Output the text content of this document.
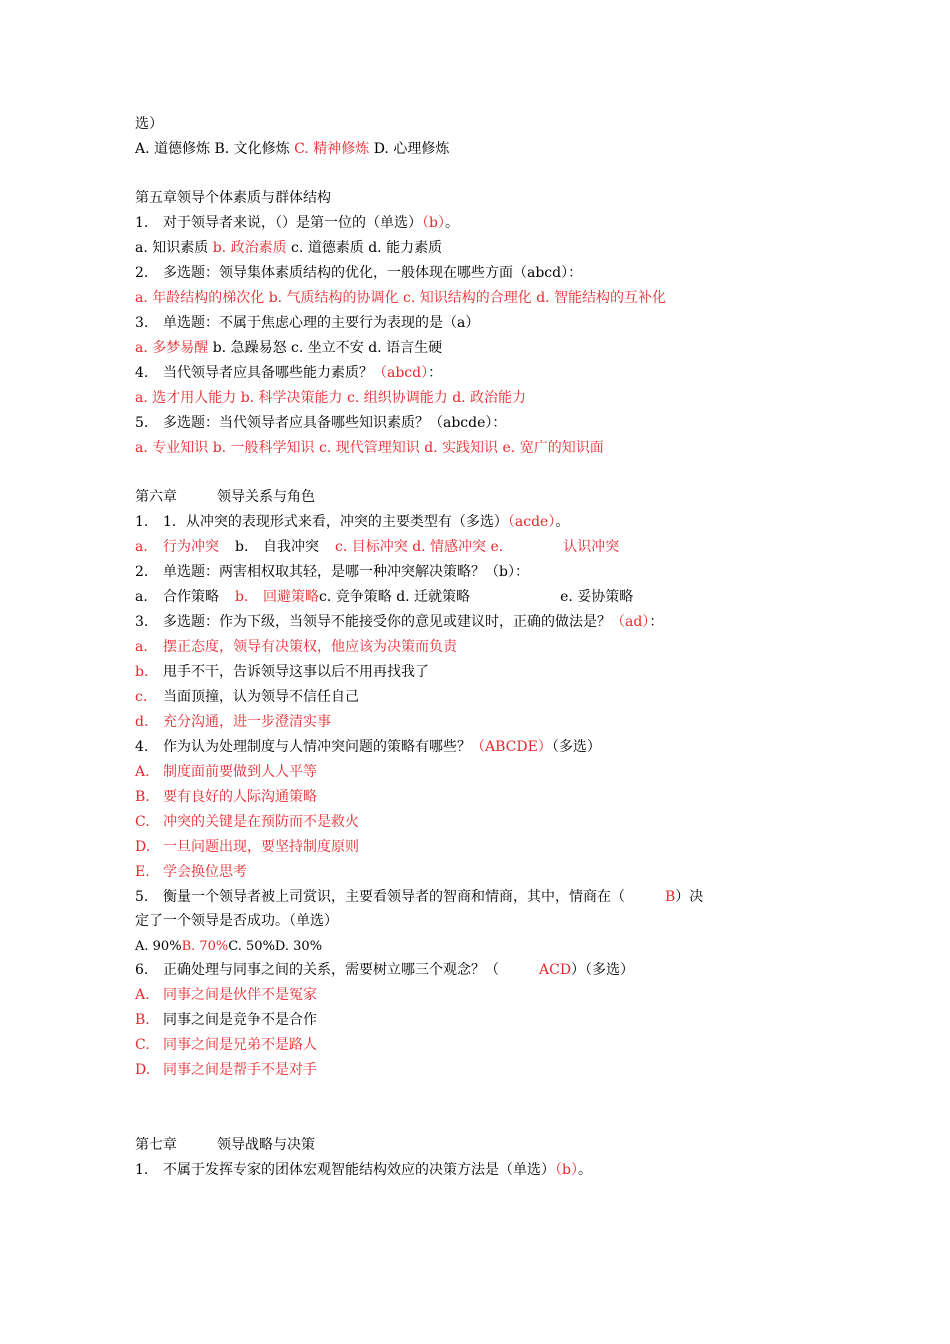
选）
A. 道德修炼 B. 文化修炼 C. 精神修炼 D. 心理修炼
第五章领导个体素质与群体结构
1. 对于领导者来说，（）是第一位的（单选）（b）。
a. 知识素质 b. 政治素质 c. 道德素质 d. 能力素质
2. 多选题：领导集体素质结构的优化，一般体现在哪些方面（abcd）：
a. 年龄结构的梯次化 b. 气质结构的协调化 c. 知识结构的合理化 d. 智能结构的互补化
3. 单选题：不属于焦虑心理的主要行为表现的是（a）
a. 多梦易醒 b. 急躁易怒 c. 坐立不安 d. 语言生硬
4. 当代领导者应具备哪些能力素质？（abcd）：
a. 选才用人能力 b. 科学决策能力 c. 组织协调能力 d. 政治能力
5. 多选题：当代领导者应具备哪些知识素质？（abcde）：
a. 专业知识 b. 一般科学知识 c. 现代管理知识 d. 实践知识 e. 宽广的知识面
第六章	领导关系与角色
1. 1．从冲突的表现形式来看，冲突的主要类型有（多选）（acde）。
a. 行为冲突 b. 自我冲突 c. 目标冲突 d. 情感冲突 e.	认识冲突
2. 单选题：两害相权取其轻，是哪一种冲突解决策略？（b）：
a. 合作策略 b. 回避策略c. 竞争策略 d. 迁就策略	e. 妥协策略
3. 多选题：作为下级，当领导不能接受你的意见或建议时，正确的做法是？（ad）：
a. 摆正态度，领导有决策权，他应该为决策而负责
b. 甩手不干，告诉领导这事以后不用再找我了
c. 当面顶撞，认为领导不信任自己
d. 充分沟通，进一步澄清实事
4. 作为认为处理制度与人情冲突问题的策略有哪些？（ABCDE）（多选）
A. 制度面前要做到人人平等
B. 要有良好的人际沟通策略
C. 冲突的关键是在预防而不是救火
D. 一旦问题出现，要坚持制度原则
E. 学会换位思考
5. 衡量一个领导者被上司赏识，主要看领导者的智商和情商，其中，情商在（	B）决
定了一个领导是否成功。（单选）
A. 90%B. 70%C. 50%D. 30%
6. 正确处理与同事之间的关系，需要树立哪三个观念？（	ACD）（多选）
A. 同事之间是伙伴不是冤家
B. 同事之间是竞争不是合作
C. 同事之间是兄弟不是路人
D. 同事之间是帮手不是对手
第七章	领导战略与决策
1. 不属于发挥专家的团体宏观智能结构效应的决策方法是（单选）（b）。
